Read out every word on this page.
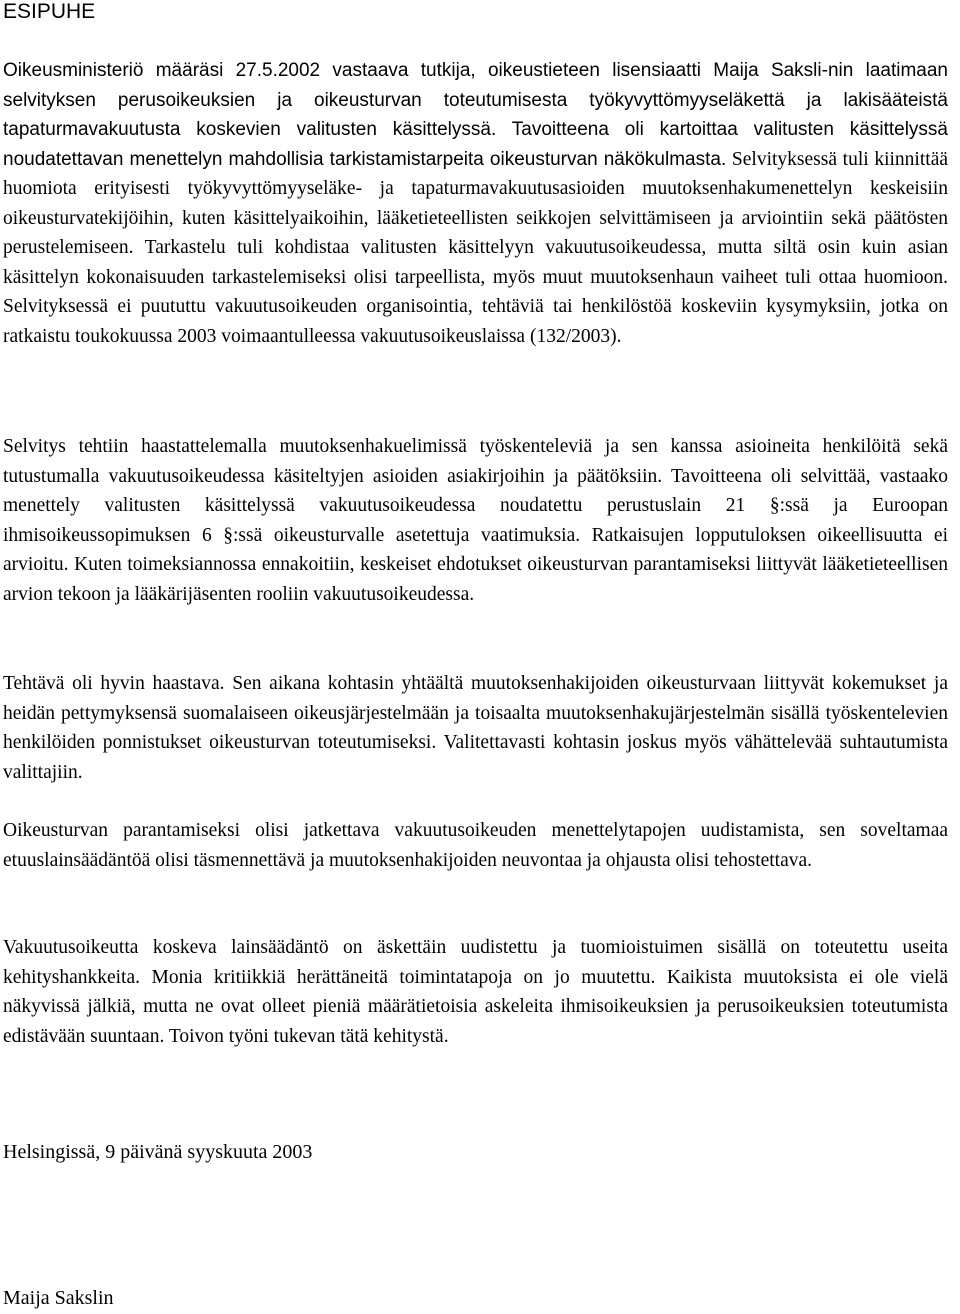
ESIPUHE

Oikeusministeriö määräsi 27.5.2002 vastaava tutkija, oikeustieteen lisensiaatti Maija Saksli-nin laatimaan selvityksen perusoikeuksien ja oikeusturvan toteutumisesta työkyvyttömyyseläkettä ja lakisääteistä tapaturmavakuutusta koskevien valitusten käsittelyssä. Tavoitteena oli kartoittaa valitusten käsittelyssä noudatettavan menettelyn mahdollisia tarkistamistarpeita oikeusturvan näkökulmasta. Selvityksessä tuli kiinnittää huomiota erityisesti työkyvyttömyyseläke- ja tapaturmavakuutusasioiden muutoksenhakumenettelyn keskeisiin oikeusturvatekijöihin, kuten käsittelyaikoihin, lääketieteellisten seikkojen selvittämiseen ja arviointiin sekä päätösten perustelemiseen. Tarkastelu tuli kohdistaa valitusten käsittelyyn vakuutusoikeudessa, mutta siltä osin kuin asian käsittelyn kokonaisuuden tarkastelemiseksi olisi tarpeellista, myös muut muutoksenhaun vaiheet tuli ottaa huomioon. Selvityksessä ei puututtu vakuutusoikeuden organisointia, tehtäviä tai henkilöstöä koskeviin kysymyksiin, jotka on ratkaistu toukokuussa 2003 voimaantulleessa vakuutusoikeuslaissa (132/2003).

Selvitys tehtiin haastattelemalla muutoksenhakuelimissä työskenteleviä ja sen kanssa asioineita henkilöitä sekä tutustumalla vakuutusoikeudessa käsiteltyjen asioiden asiakirjoihin ja päätöksiin. Tavoitteena oli selvittää, vastaako menettely valitusten käsittelyssä vakuutusoikeudessa noudatettu perustuslain 21 §:ssä ja Euroopan ihmisoikeussopimuksen 6 §:ssä oikeusturvalle asetettuja vaatimuksia. Ratkaisujen lopputuloksen oikeellisuutta ei arvioitu. Kuten toimeksiannossa ennakoitiin, keskeiset ehdotukset oikeusturvan parantamiseksi liittyvät lääketieteellisen arvion tekoon ja lääkärijäsenten rooliin vakuutusoikeudessa.

Tehtävä oli hyvin haastava. Sen aikana kohtasin yhtäältä muutoksenhakijoiden oikeusturvaan liittyvät kokemukset ja heidän pettymyksensä suomalaiseen oikeusjärjestelmään ja toisaalta muutoksenhakujärjestelmän sisällä työskentelevien henkilöiden ponnistukset oikeusturvan toteutumiseksi. Valitettavasti kohtasin joskus myös vähättelevää suhtautumista valittajiin.

Oikeusturvan parantamiseksi olisi jatkettava vakuutusoikeuden menettelytapojen uudistamista, sen soveltamaa etuuslainsäädäntöä olisi täsmennettävä ja muutoksenhakijoiden neuvontaa ja ohjausta olisi tehostettava.

Vakuutusoikeutta koskeva lainsäädäntö on äskettäin uudistettu ja tuomioistuimen sisällä on toteutettu useita kehityshankkeita. Monia kritiikkiä herättäneitä toimintatapoja on jo muutettu. Kaikista muutoksista ei ole vielä näkyvissä jälkiä, mutta ne ovat olleet pieniä määrätietoisia askeleita ihmisoikeuksien ja perusoikeuksien toteutumista edistävään suuntaan. Toivon työni tukevan tätä kehitystä.

Helsingissä, 9 päivänä syyskuuta 2003

Maija Sakslin
